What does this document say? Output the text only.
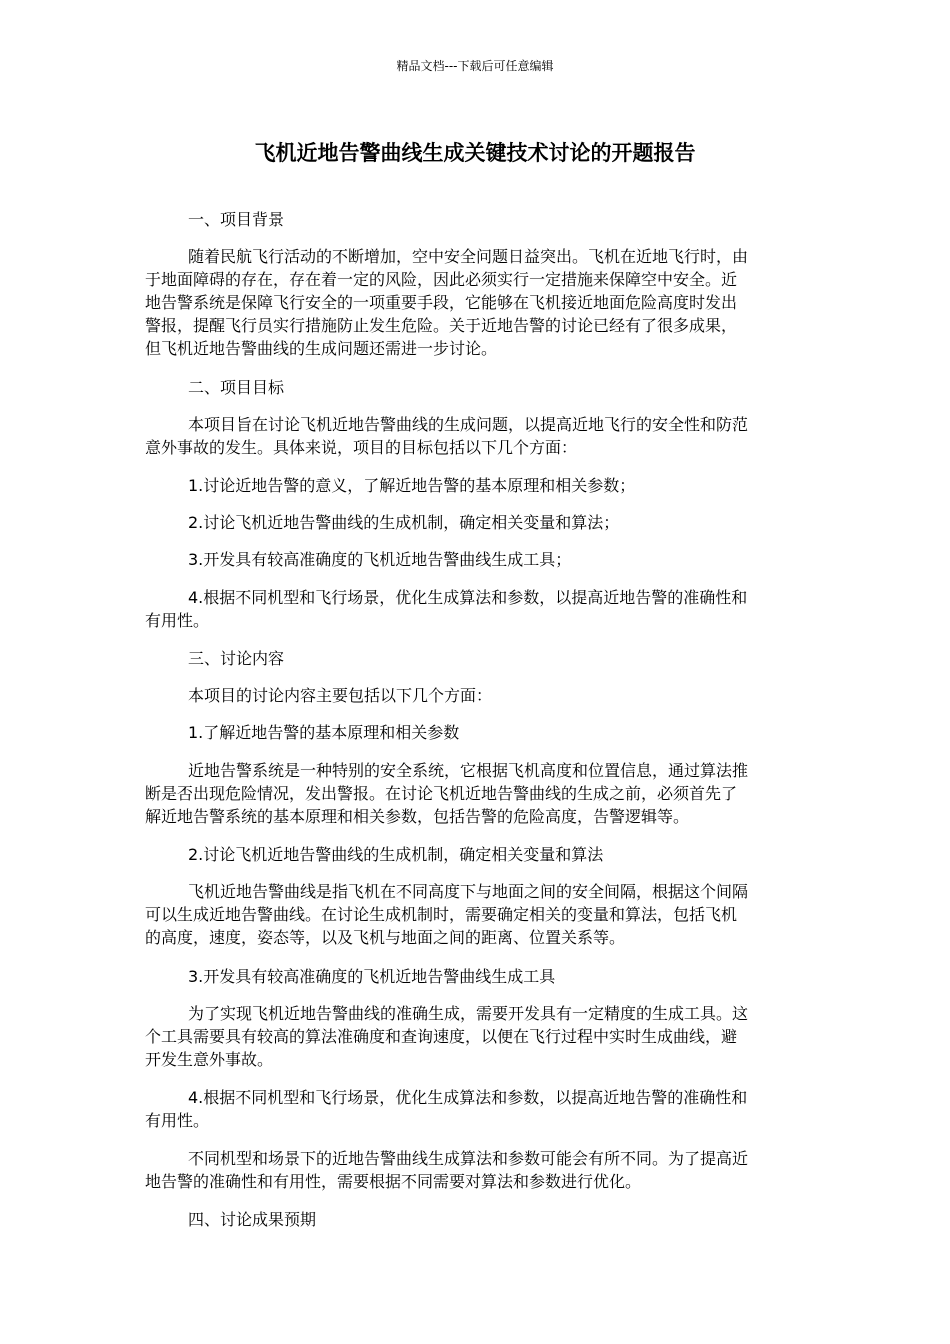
精品文档---下载后可任意编辑
飞机近地告警曲线生成关键技术讨论的开题报告
一、项目背景
随着民航飞行活动的不断增加，空中安全问题日益突出。飞机在近地飞行时，由
于地面障碍的存在，存在着一定的风险，因此必须实行一定措施来保障空中安全。近
地告警系统是保障飞行安全的一项重要手段，它能够在飞机接近地面危险高度时发出
警报，提醒飞行员实行措施防止发生危险。关于近地告警的讨论已经有了很多成果，
但飞机近地告警曲线的生成问题还需进一步讨论。
二、项目目标
本项目旨在讨论飞机近地告警曲线的生成问题，以提高近地飞行的安全性和防范
意外事故的发生。具体来说，项目的目标包括以下几个方面：
1.讨论近地告警的意义，了解近地告警的基本原理和相关参数；
2.讨论飞机近地告警曲线的生成机制，确定相关变量和算法；
3.开发具有较高准确度的飞机近地告警曲线生成工具；
4.根据不同机型和飞行场景，优化生成算法和参数，以提高近地告警的准确性和
有用性。
三、讨论内容
本项目的讨论内容主要包括以下几个方面：
1.了解近地告警的基本原理和相关参数
近地告警系统是一种特别的安全系统，它根据飞机高度和位置信息，通过算法推
断是否出现危险情况，发出警报。在讨论飞机近地告警曲线的生成之前，必须首先了
解近地告警系统的基本原理和相关参数，包括告警的危险高度，告警逻辑等。
2.讨论飞机近地告警曲线的生成机制，确定相关变量和算法
飞机近地告警曲线是指飞机在不同高度下与地面之间的安全间隔，根据这个间隔
可以生成近地告警曲线。在讨论生成机制时，需要确定相关的变量和算法，包括飞机
的高度，速度，姿态等，以及飞机与地面之间的距离、位置关系等。
3.开发具有较高准确度的飞机近地告警曲线生成工具
为了实现飞机近地告警曲线的准确生成，需要开发具有一定精度的生成工具。这
个工具需要具有较高的算法准确度和查询速度，以便在飞行过程中实时生成曲线，避
开发生意外事故。
4.根据不同机型和飞行场景，优化生成算法和参数，以提高近地告警的准确性和
有用性。
不同机型和场景下的近地告警曲线生成算法和参数可能会有所不同。为了提高近
地告警的准确性和有用性，需要根据不同需要对算法和参数进行优化。
四、讨论成果预期
